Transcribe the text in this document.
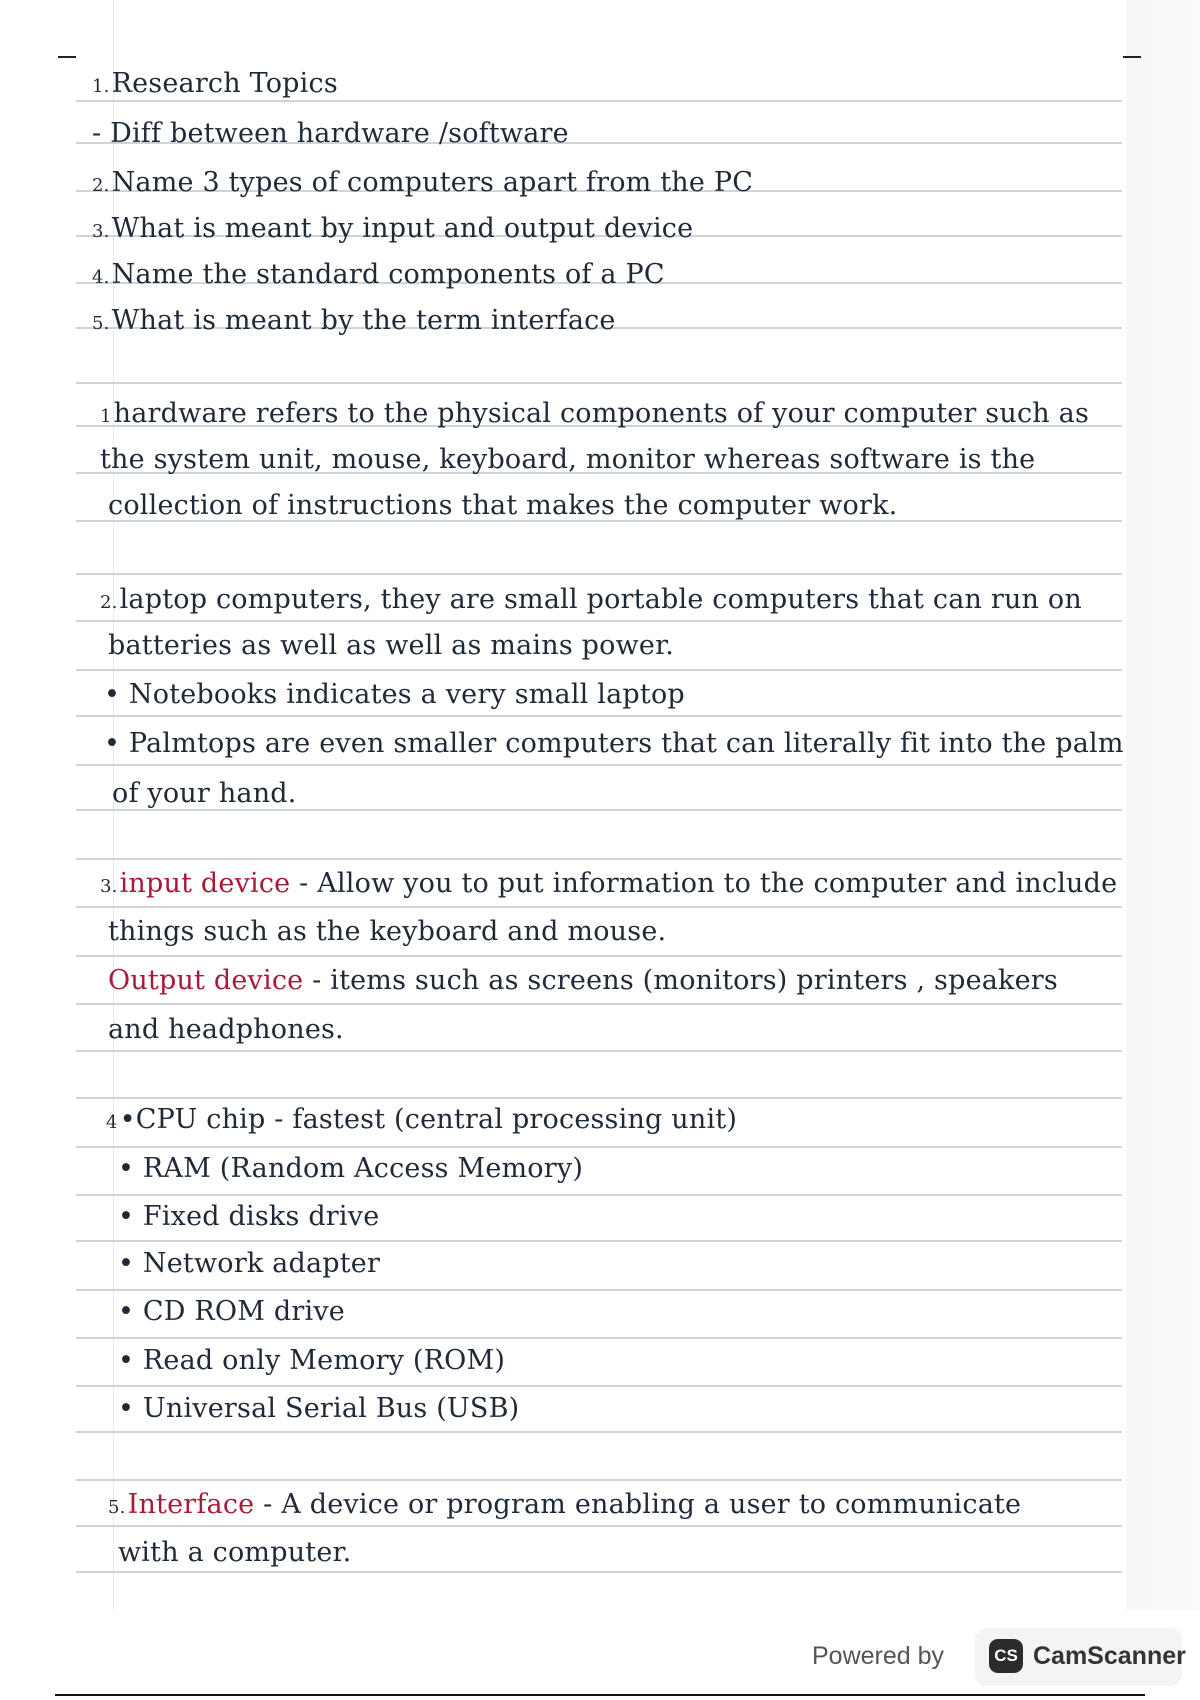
1.Research Topics
- Diff between hardware /software
2.Name 3 types of computers apart from the PC
3.What is meant by input and output device
4.Name the standard components of a PC
5.What is meant by the term interface
1hardware refers to the physical components of your computer such as
the system unit, mouse, keyboard, monitor whereas software is the
collection of instructions that makes the computer work.
2.laptop computers, they are small portable computers that can run on
batteries as well as well as mains power.
• Notebooks indicates a very small laptop
• Palmtops are even smaller computers that can literally fit into the palm
of your hand.
3.input device - Allow you to put information to the computer and include
things such as the keyboard and mouse.
Output device - items such as screens (monitors) printers , speakers
and headphones.
4•CPU chip - fastest (central processing unit)
• RAM (Random Access Memory)
• Fixed disks drive
• Network adapter
• CD ROM drive
• Read only Memory (ROM)
• Universal Serial Bus (USB)
5.Interface - A device or program enabling a user to communicate
with a computer.
Powered by	CS CamScanner
